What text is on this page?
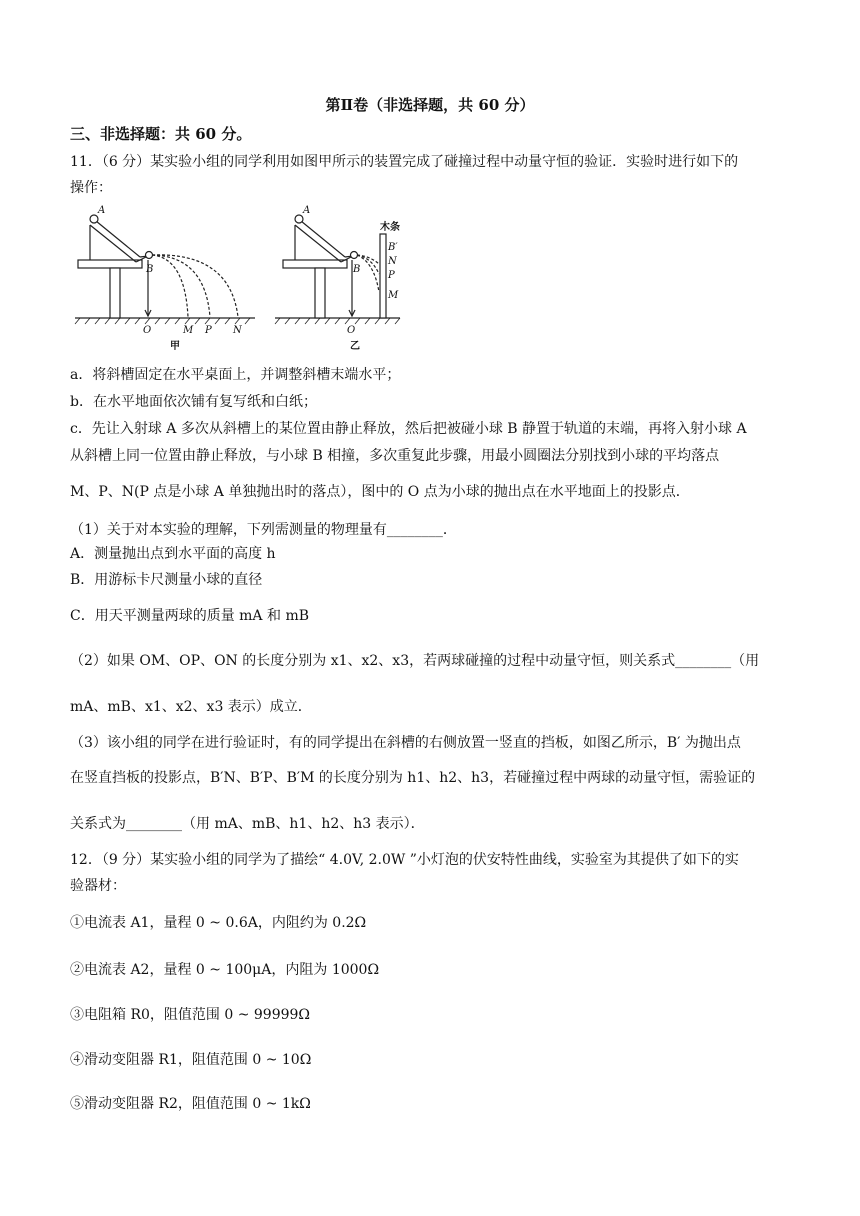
第Ⅱ卷（非选择题，共 60 分）
三、非选择题：共 60 分。
11．（6 分）某实验小组的同学利用如图甲所示的装置完成了碰撞过程中动量守恒的验证．实验时进行如下的
操作：
A
B
O	M P N
A
B
O
B′
N
P
M
木条
甲	乙
a．将斜槽固定在水平桌面上，并调整斜槽末端水平；
b．在水平地面依次铺有复写纸和白纸；
c．先让入射球 A 多次从斜槽上的某位置由静止释放，然后把被碰小球 B 静置于轨道的末端，再将入射小球 A
从斜槽上同一位置由静止释放，与小球 B 相撞，多次重复此步骤，用最小圆圈法分别找到小球的平均落点
M、P、N(P 点是小球 A 单独抛出时的落点），图中的 O 点为小球的抛出点在水平地面上的投影点．
（1）关于对本实验的理解，下列需测量的物理量有________．
A．测量抛出点到水平面的高度 h
B．用游标卡尺测量小球的直径
C．用天平测量两球的质量 mA 和 mB
（2）如果 OM、OP、ON 的长度分别为 x1、x2、x3，若两球碰撞的过程中动量守恒，则关系式________（用
mA、mB、x1、x2、x3 表示）成立．
（3）该小组的同学在进行验证时，有的同学提出在斜槽的右侧放置一竖直的挡板，如图乙所示，B′ 为抛出点
在竖直挡板的投影点，B′N、B′P、B′M 的长度分别为 h1、h2、h3，若碰撞过程中两球的动量守恒，需验证的
关系式为________（用 mA、mB、h1、h2、h3 表示）．
12．（9 分）某实验小组的同学为了描绘“ 4.0V, 2.0W ”小灯泡的伏安特性曲线，实验室为其提供了如下的实
验器材：
①电流表 A1，量程 0 ~ 0.6A，内阻约为 0.2Ω
②电流表 A2，量程 0 ~ 100μA，内阻为 1000Ω
③电阻箱 R0，阻值范围 0 ~ 99999Ω
④滑动变阻器 R1，阻值范围 0 ~ 10Ω
⑤滑动变阻器 R2，阻值范围 0 ~ 1kΩ
